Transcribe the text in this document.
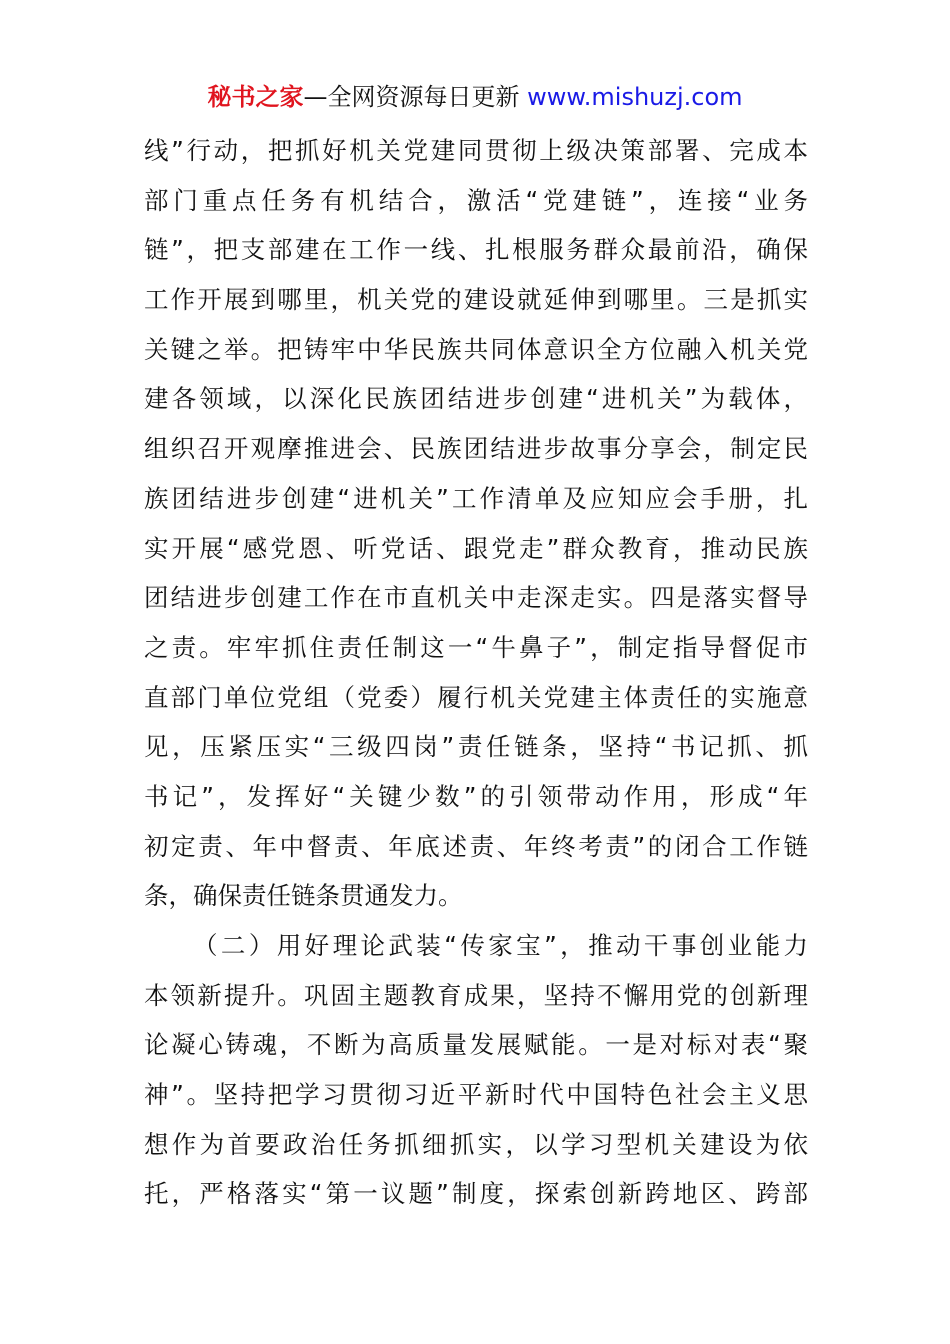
秘书之家—全网资源每日更新 www.mishuzj.com
线”行动，把抓好机关党建同贯彻上级决策部署、完成本
部门重点任务有机结合，激活“党建链”，连接“业务
链”，把支部建在工作一线、扎根服务群众最前沿，确保
工作开展到哪里，机关党的建设就延伸到哪里。三是抓实
关键之举。把铸牢中华民族共同体意识全方位融入机关党
建各领域，以深化民族团结进步创建“进机关”为载体，
组织召开观摩推进会、民族团结进步故事分享会，制定民
族团结进步创建“进机关”工作清单及应知应会手册，扎
实开展“感党恩、听党话、跟党走”群众教育，推动民族
团结进步创建工作在市直机关中走深走实。四是落实督导
之责。牢牢抓住责任制这一“牛鼻子”，制定指导督促市
直部门单位党组（党委）履行机关党建主体责任的实施意
见，压紧压实“三级四岗”责任链条，坚持“书记抓、抓
书记”，发挥好“关键少数”的引领带动作用，形成“年
初定责、年中督责、年底述责、年终考责”的闭合工作链
条，确保责任链条贯通发力。
（二）用好理论武装“传家宝”，推动干事创业能力
本领新提升。巩固主题教育成果，坚持不懈用党的创新理
论凝心铸魂，不断为高质量发展赋能。一是对标对表“聚
神”。坚持把学习贯彻习近平新时代中国特色社会主义思
想作为首要政治任务抓细抓实，以学习型机关建设为依
托，严格落实“第一议题”制度，探索创新跨地区、跨部
